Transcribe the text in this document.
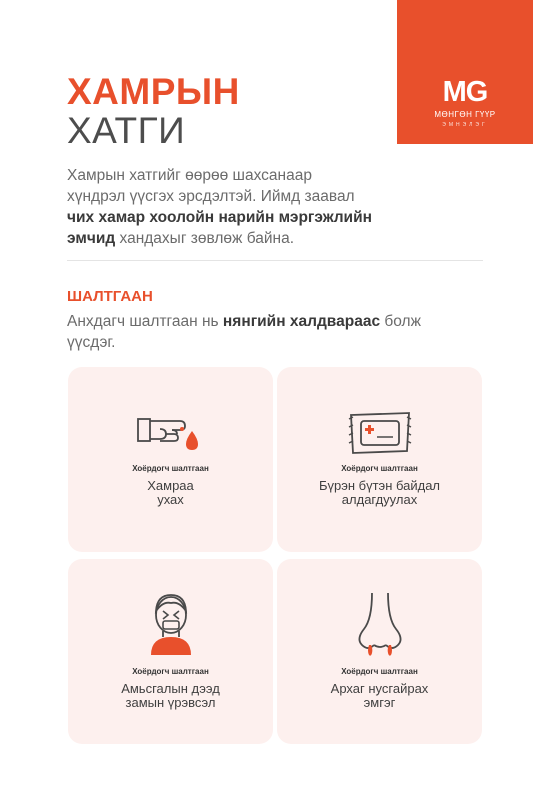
MG
МӨНГӨН ГҮҮР
ЭМНЭЛЭГ
ХАМРЫН
ХАТГИ
Хамрын хатгийг өөрөө шахсанаар
хүндрэл үүсгэх эрсдэлтэй. Иймд заавал
чих хамар хоолойн нарийн мэргэжлийн
эмчид хандахыг зөвлөж байна.
ШАЛТГААН
Анхдагч шалтгаан нь нянгийн халдвараас болж
үүсдэг.
Хоёрдогч шалтгаан
Хамраа
ухах
Хоёрдогч шалтгаан
Бүрэн бүтэн байдал
алдагдуулах
Хоёрдогч шалтгаан
Амьсгалын дээд
замын үрэвсэл
Хоёрдогч шалтгаан
Архаг нусгайрах
эмгэг
